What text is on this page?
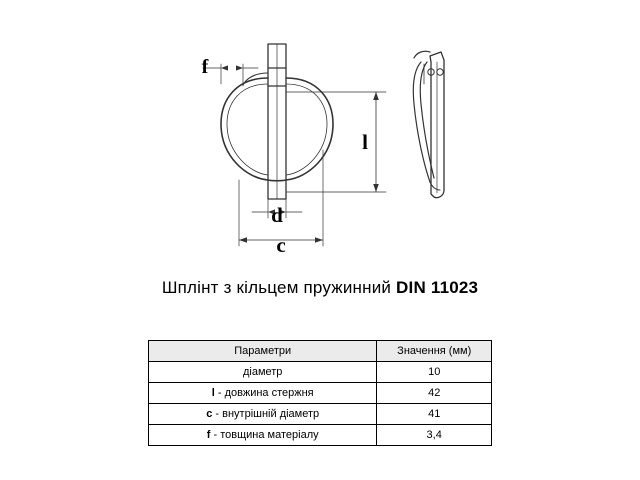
f
d
c
l
Шплінт з кільцем пружинний DIN 11023
Параметри	Значення (мм)
діаметр	10
l - довжина стержня	42
c - внутрішній діаметр	41
f - товщина матеріалу	3,4
